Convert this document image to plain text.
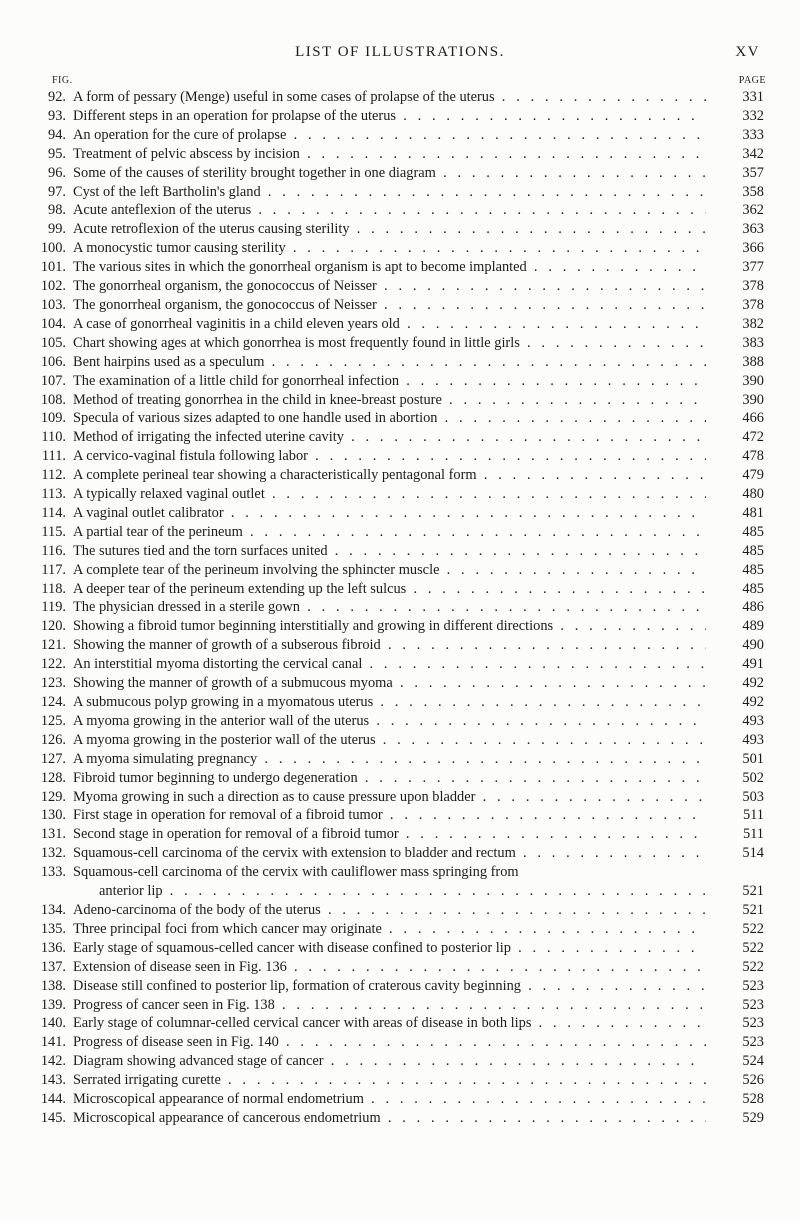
LIST OF ILLUSTRATIONS.	XV
FIG.	PAGE
92. A form of pessary (Menge) useful in some cases of prolapse of the uterus . . .	331
93. Different steps in an operation for prolapse of the uterus . . .	332
94. An operation for the cure of prolapse . . .	333
95. Treatment of pelvic abscess by incision . . .	342
96. Some of the causes of sterility brought together in one diagram . . .	357
97. Cyst of the left Bartholin's gland . . .	358
98. Acute anteflexion of the uterus . . .	362
99. Acute retroflexion of the uterus causing sterility . . .	363
100. A monocystic tumor causing sterility . . .	366
101. The various sites in which the gonorrheal organism is apt to become implanted . . .	377
102. The gonorrheal organism, the gonococcus of Neisser . . .	378
103. The gonorrheal organism, the gonococcus of Neisser . . .	378
104. A case of gonorrheal vaginitis in a child eleven years old . . .	382
105. Chart showing ages at which gonorrhea is most frequently found in little girls . . .	383
106. Bent hairpins used as a speculum . . .	388
107. The examination of a little child for gonorrheal infection . . .	390
108. Method of treating gonorrhea in the child in knee-breast posture . . .	390
109. Specula of various sizes adapted to one handle used in abortion . . .	466
110. Method of irrigating the infected uterine cavity . . .	472
111. A cervico-vaginal fistula following labor . . .	478
112. A complete perineal tear showing a characteristically pentagonal form . . .	479
113. A typically relaxed vaginal outlet . . .	480
114. A vaginal outlet calibrator . . .	481
115. A partial tear of the perineum . . .	485
116. The sutures tied and the torn surfaces united . . .	485
117. A complete tear of the perineum involving the sphincter muscle . . .	485
118. A deeper tear of the perineum extending up the left sulcus . . .	485
119. The physician dressed in a sterile gown . . .	486
120. Showing a fibroid tumor beginning interstitially and growing in different directions . . .	489
121. Showing the manner of growth of a subserous fibroid . . .	490
122. An interstitial myoma distorting the cervical canal . . .	491
123. Showing the manner of growth of a submucous myoma . . .	492
124. A submucous polyp growing in a myomatous uterus . . .	492
125. A myoma growing in the anterior wall of the uterus . . .	493
126. A myoma growing in the posterior wall of the uterus . . .	493
127. A myoma simulating pregnancy . . .	501
128. Fibroid tumor beginning to undergo degeneration . . .	502
129. Myoma growing in such a direction as to cause pressure upon bladder . . .	503
130. First stage in operation for removal of a fibroid tumor . . .	511
131. Second stage in operation for removal of a fibroid tumor . . .	511
132. Squamous-cell carcinoma of the cervix with extension to bladder and rectum . . .	514
133. Squamous-cell carcinoma of the cervix with cauliflower mass springing from
anterior lip . . .	521
134. Adeno-carcinoma of the body of the uterus . . .	521
135. Three principal foci from which cancer may originate . . .	522
136. Early stage of squamous-celled cancer with disease confined to posterior lip . . .	522
137. Extension of disease seen in Fig. 136 . . .	522
138. Disease still confined to posterior lip, formation of craterous cavity beginning . . .	523
139. Progress of cancer seen in Fig. 138 . . .	523
140. Early stage of columnar-celled cervical cancer with areas of disease in both lips . . .	523
141. Progress of disease seen in Fig. 140 . . .	523
142. Diagram showing advanced stage of cancer . . .	524
143. Serrated irrigating curette . . .	526
144. Microscopical appearance of normal endometrium . . .	528
145. Microscopical appearance of cancerous endometrium . . .	529
